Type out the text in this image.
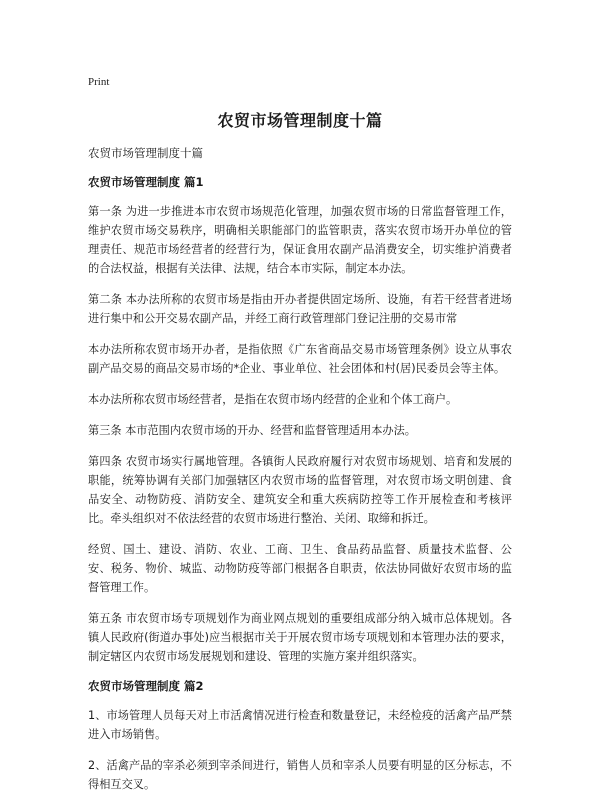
Print
农贸市场管理制度十篇
农贸市场管理制度十篇
农贸市场管理制度 篇1

第一条 为进一步推进本市农贸市场规范化管理，加强农贸市场的日常监督管理工作，维护农贸市场交易秩序，明确相关职能部门的监管职责，落实农贸市场开办单位的管理责任、规范市场经营者的经营行为，保证食用农副产品消费安全，切实维护消费者的合法权益，根据有关法律、法规，结合本市实际，制定本办法。

第二条 本办法所称的农贸市场是指由开办者提供固定场所、设施，有若干经营者进场进行集中和公开交易农副产品，并经工商行政管理部门登记注册的交易市常

本办法所称农贸市场开办者，是指依照《广东省商品交易市场管理条例》设立从事农副产品交易的商品交易市场的*企业、事业单位、社会团体和村(居)民委员会等主体。

本办法所称农贸市场经营者，是指在农贸市场内经营的企业和个体工商户。

第三条 本市范围内农贸市场的开办、经营和监督管理适用本办法。

第四条 农贸市场实行属地管理。各镇街人民政府履行对农贸市场规划、培育和发展的职能，统筹协调有关部门加强辖区内农贸市场的监督管理，对农贸市场文明创建、食品安全、动物防疫、消防安全、建筑安全和重大疾病防控等工作开展检查和考核评比。牵头组织对不依法经营的农贸市场进行整治、关闭、取缔和拆迁。

经贸、国土、建设、消防、农业、工商、卫生、食品药品监督、质量技术监督、公安、税务、物价、城监、动物防疫等部门根据各自职责，依法协同做好农贸市场的监督管理工作。

第五条 市农贸市场专项规划作为商业网点规划的重要组成部分纳入城市总体规划。各镇人民政府(街道办事处)应当根据市关于开展农贸市场专项规划和本管理办法的要求，制定辖区内农贸市场发展规划和建设、管理的实施方案并组织落实。

农贸市场管理制度 篇2

1、市场管理人员每天对上市活禽情况进行检查和数量登记，未经检疫的活禽产品严禁进入市场销售。

2、活禽产品的宰杀必须到宰杀间进行，销售人员和宰杀人员要有明显的区分标志，不得相互交叉。
